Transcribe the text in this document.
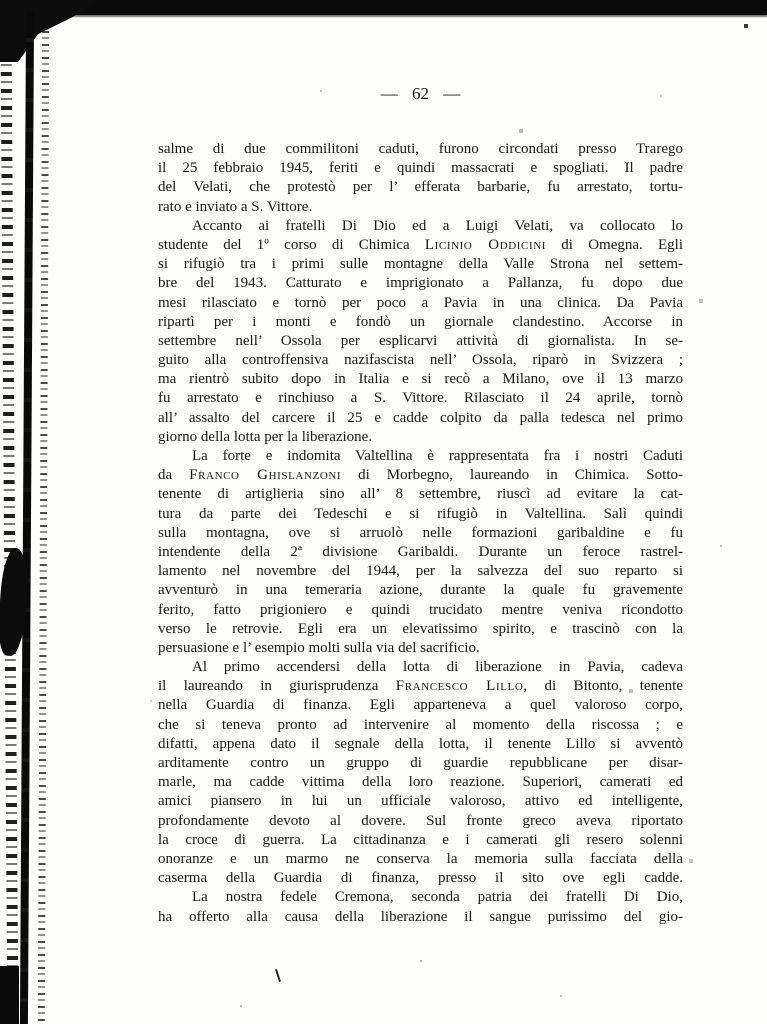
— 62 —
salme di due commilitoni caduti, furono circondati presso Trarego
il 25 febbraio 1945, feriti e quindi massacrati e spogliati. Il padre
del Velati, che protestò per l’ efferata barbarie, fu arrestato, tortu-
rato e inviato a S. Vittore.
Accanto ai fratelli Di Dio ed a Luigi Velati, va collocato lo
studente del 1º corso di Chimica Licinio Oddicini di Omegna. Egli
si rifugiò tra i primi sulle montagne della Valle Strona nel settem-
bre del 1943. Catturato e imprigionato a Pallanza, fu dopo due
mesi rilasciato e tornò per poco a Pavia in una clinica. Da Pavia
ripartì per i monti e fondò un giornale clandestino. Accorse in
settembre nell’ Ossola per esplicarvi attività di giornalista. In se-
guito alla controffensiva nazifascista nell’ Ossola, riparò in Svizzera ;
ma rientrò subito dopo in Italia e si recò a Milano, ove il 13 marzo
fu arrestato e rinchiuso a S. Vittore. Rilasciato il 24 aprile, tornò
all’ assalto del carcere il 25 e cadde colpito da palla tedesca nel primo
giorno della lotta per la liberazione.
La forte e indomita Valtellina è rappresentata fra i nostri Caduti
da Franco Ghislanzoni di Morbegno, laureando in Chimica. Sotto-
tenente di artiglieria sino all’ 8 settembre, riuscì ad evitare la cat-
tura da parte dei Tedeschi e si rifugiò in Valtellina. Salì quindi
sulla montagna, ove si arruolò nelle formazioni garibaldine e fu
intendente della 2ª divisione Garibaldi. Durante un feroce rastrel-
lamento nel novembre del 1944, per la salvezza del suo reparto si
avventurò in una temeraria azione, durante la quale fu gravemente
ferito, fatto prigioniero e quindi trucidato mentre veniva ricondotto
verso le retrovie. Egli era un elevatissimo spirito, e trascinò con la
persuasione e l’ esempio molti sulla via del sacrificio.
Al primo accendersi della lotta di liberazione in Pavia, cadeva
il laureando in giurisprudenza Francesco Lillo, di Bitonto, tenente
nella Guardia di finanza. Egli apparteneva a quel valoroso corpo,
che si teneva pronto ad intervenire al momento della riscossa ; e
difatti, appena dato il segnale della lotta, il tenente Lillo si avventò
arditamente contro un gruppo di guardie repubblicane per disar-
marle, ma cadde vittima della loro reazione. Superiori, camerati ed
amici piansero in lui un ufficiale valoroso, attivo ed intelligente,
profondamente devoto al dovere. Sul fronte greco aveva riportato
la croce di guerra. La cittadinanza e i camerati gli resero solenni
onoranze e un marmo ne conserva la memoria sulla facciata della
caserma della Guardia di finanza, presso il sito ove egli cadde.
La nostra fedele Cremona, seconda patria dei fratelli Di Dio,
ha offerto alla causa della liberazione il sangue purissimo del gio-
